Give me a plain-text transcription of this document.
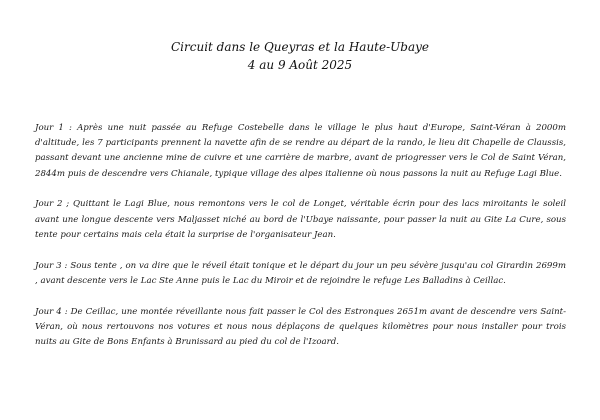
Circuit dans le Queyras et la Haute-Ubaye
4 au 9 Août 2025

Jour 1 : Après une nuit passée au Refuge Costebelle dans le village le plus haut d'Europe, Saint-Véran à 2000m d'altitude, les 7 participants prennent la navette afin de se rendre au départ de la rando, le lieu dit Chapelle de Claussis, passant devant une ancienne mine de cuivre et une carrière de marbre, avant de priogresser vers le Col de Saint Véran, 2844m puis de descendre vers Chianale, typique village des alpes italienne où nous passons la nuit au Refuge Lagi Blue.

Jour 2 ; Quittant le Lagi Blue, nous remontons vers le col de Longet, véritable écrin pour des lacs miroitants le soleil avant une longue descente vers Maljasset niché au bord de l'Ubaye naissante, pour passer la nuit au Gite La Cure, sous tente pour certains mais cela était la surprise de l'organisateur Jean.

Jour 3 : Sous tente , on va dire que le réveil était tonique et le départ du jour un peu sévère jusqu'au col Girardin 2699m , avant descente vers le Lac Ste Anne puis le Lac du Miroir et de rejoindre le refuge Les Balladins à Ceillac.

Jour 4 : De Ceillac, une montée réveillante nous fait passer le Col des Estronques 2651m avant de descendre vers Saint-Véran, où nous rertouvons nos votures et nous nous déplaçons de quelques kilomètres pour nous installer pour trois nuits au Gite de Bons Enfants à Brunissard au pied du col de l'Izoard.
